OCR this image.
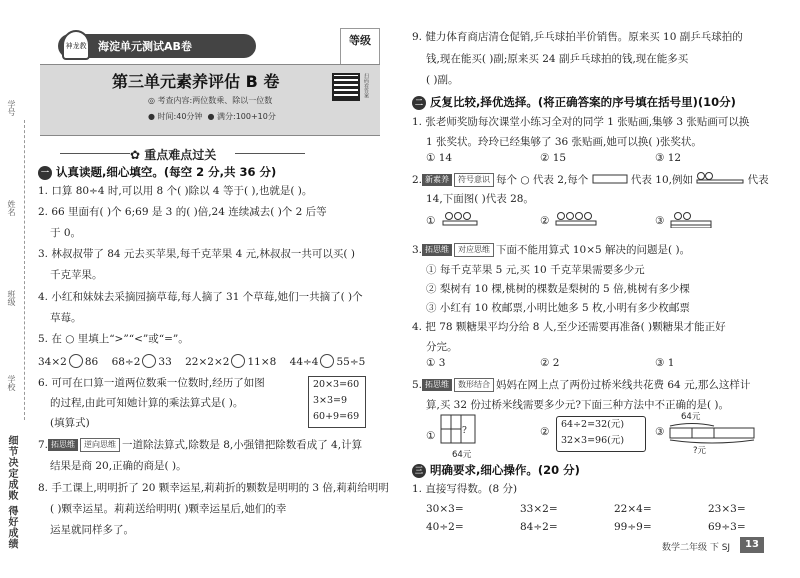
学号
姓名
班级
学校
细节决定成败 得好成绩
神龙教	海淀单元测试AB卷	等级
第三单元素养评估 B 卷
◎ 考查内容:两位数乘、除以一位数
● 时间:40分钟  ● 满分:100+10分
扫码看答案
✿ 重点难点过关
一 认真读题,细心填空。(每空 2 分,共 36 分)
1. 口算 80÷4 时,可以用 8 个( )除以 4 等于( ),也就是( )。
2. 66 里面有( )个 6;69 是 3 的( )倍,24 连续减去( )个 2 后等
于 0。
3. 林叔叔带了 84 元去买苹果,每千克苹果 4 元,林叔叔一共可以买( )
千克苹果。
4. 小红和妹妹去采摘园摘草莓,每人摘了 31 个草莓,她们一共摘了( )个
草莓。
5. 在 ○ 里填上“>”“<”或“=”。
34×2 86 68÷2 33 22×2×2 11×8 44÷4 55÷5
6. 可可在口算一道两位数乘一位数时,经历了如图
的过程,由此可知她计算的乘法算式是( )。
(填算式)
20×3=60
3×3=9
60+9=69
7. 拓思维 逆向思维 一道除法算式,除数是 8,小强错把除数看成了 4,计算
结果是商 20,正确的商是( )。
8. 手工课上,明明折了 20 颗幸运星,莉莉折的颗数是明明的 3 倍,莉莉给明明
( )颗幸运星。莉莉送给明明( )颗幸运星后,她们的幸
运星就同样多了。
9. 健力体育商店清仓促销,乒乓球拍半价销售。原来买 10 副乒乓球拍的
钱,现在能买( )副;原来买 24 副乒乓球拍的钱,现在能多买
( )副。
二 反复比较,择优选择。(将正确答案的序号填在括号里)(10分)
1. 张老师奖励每次课堂小练习全对的同学 1 张贴画,集够 3 张贴画可以换
1 张奖状。玲玲已经集够了 36 张贴画,她可以换( )张奖状。
① 14	② 15	③ 12
2. 新素养 符号意识 每个 ○ 代表 2,每个	代表 10,例如	代表
14,下面图( )代表 28。
①	②	③
3. 拓思维 对应思维 下面不能用算式 10×5 解决的问题是( )。
① 每千克苹果 5 元,买 10 千克苹果需要多少元
② 梨树有 10 棵,桃树的棵数是梨树的 5 倍,桃树有多少棵
③ 小红有 10 枚邮票,小明比她多 5 枚,小明有多少枚邮票
4. 把 78 颗糖果平均分给 8 人,至少还需要再准备( )颗糖果才能正好
分完。
① 3	② 2	③ 1
5. 拓思维 数形结合 妈妈在网上点了两份过桥米线共花费 64 元,那么这样计
算,买 32 份过桥米线需要多少元?下面三种方法中不正确的是( )。
①	?
64元
②
64÷2=32(元)
32×3=96(元)
③
64元
?元
三 明确要求,细心操作。(20 分)
1. 直接写得数。(8 分)
30×3=	33×2=	22×4=	23×3=
40÷2=	84÷2=	99÷9=	69÷3=
数学二年级 下 SJ	13
